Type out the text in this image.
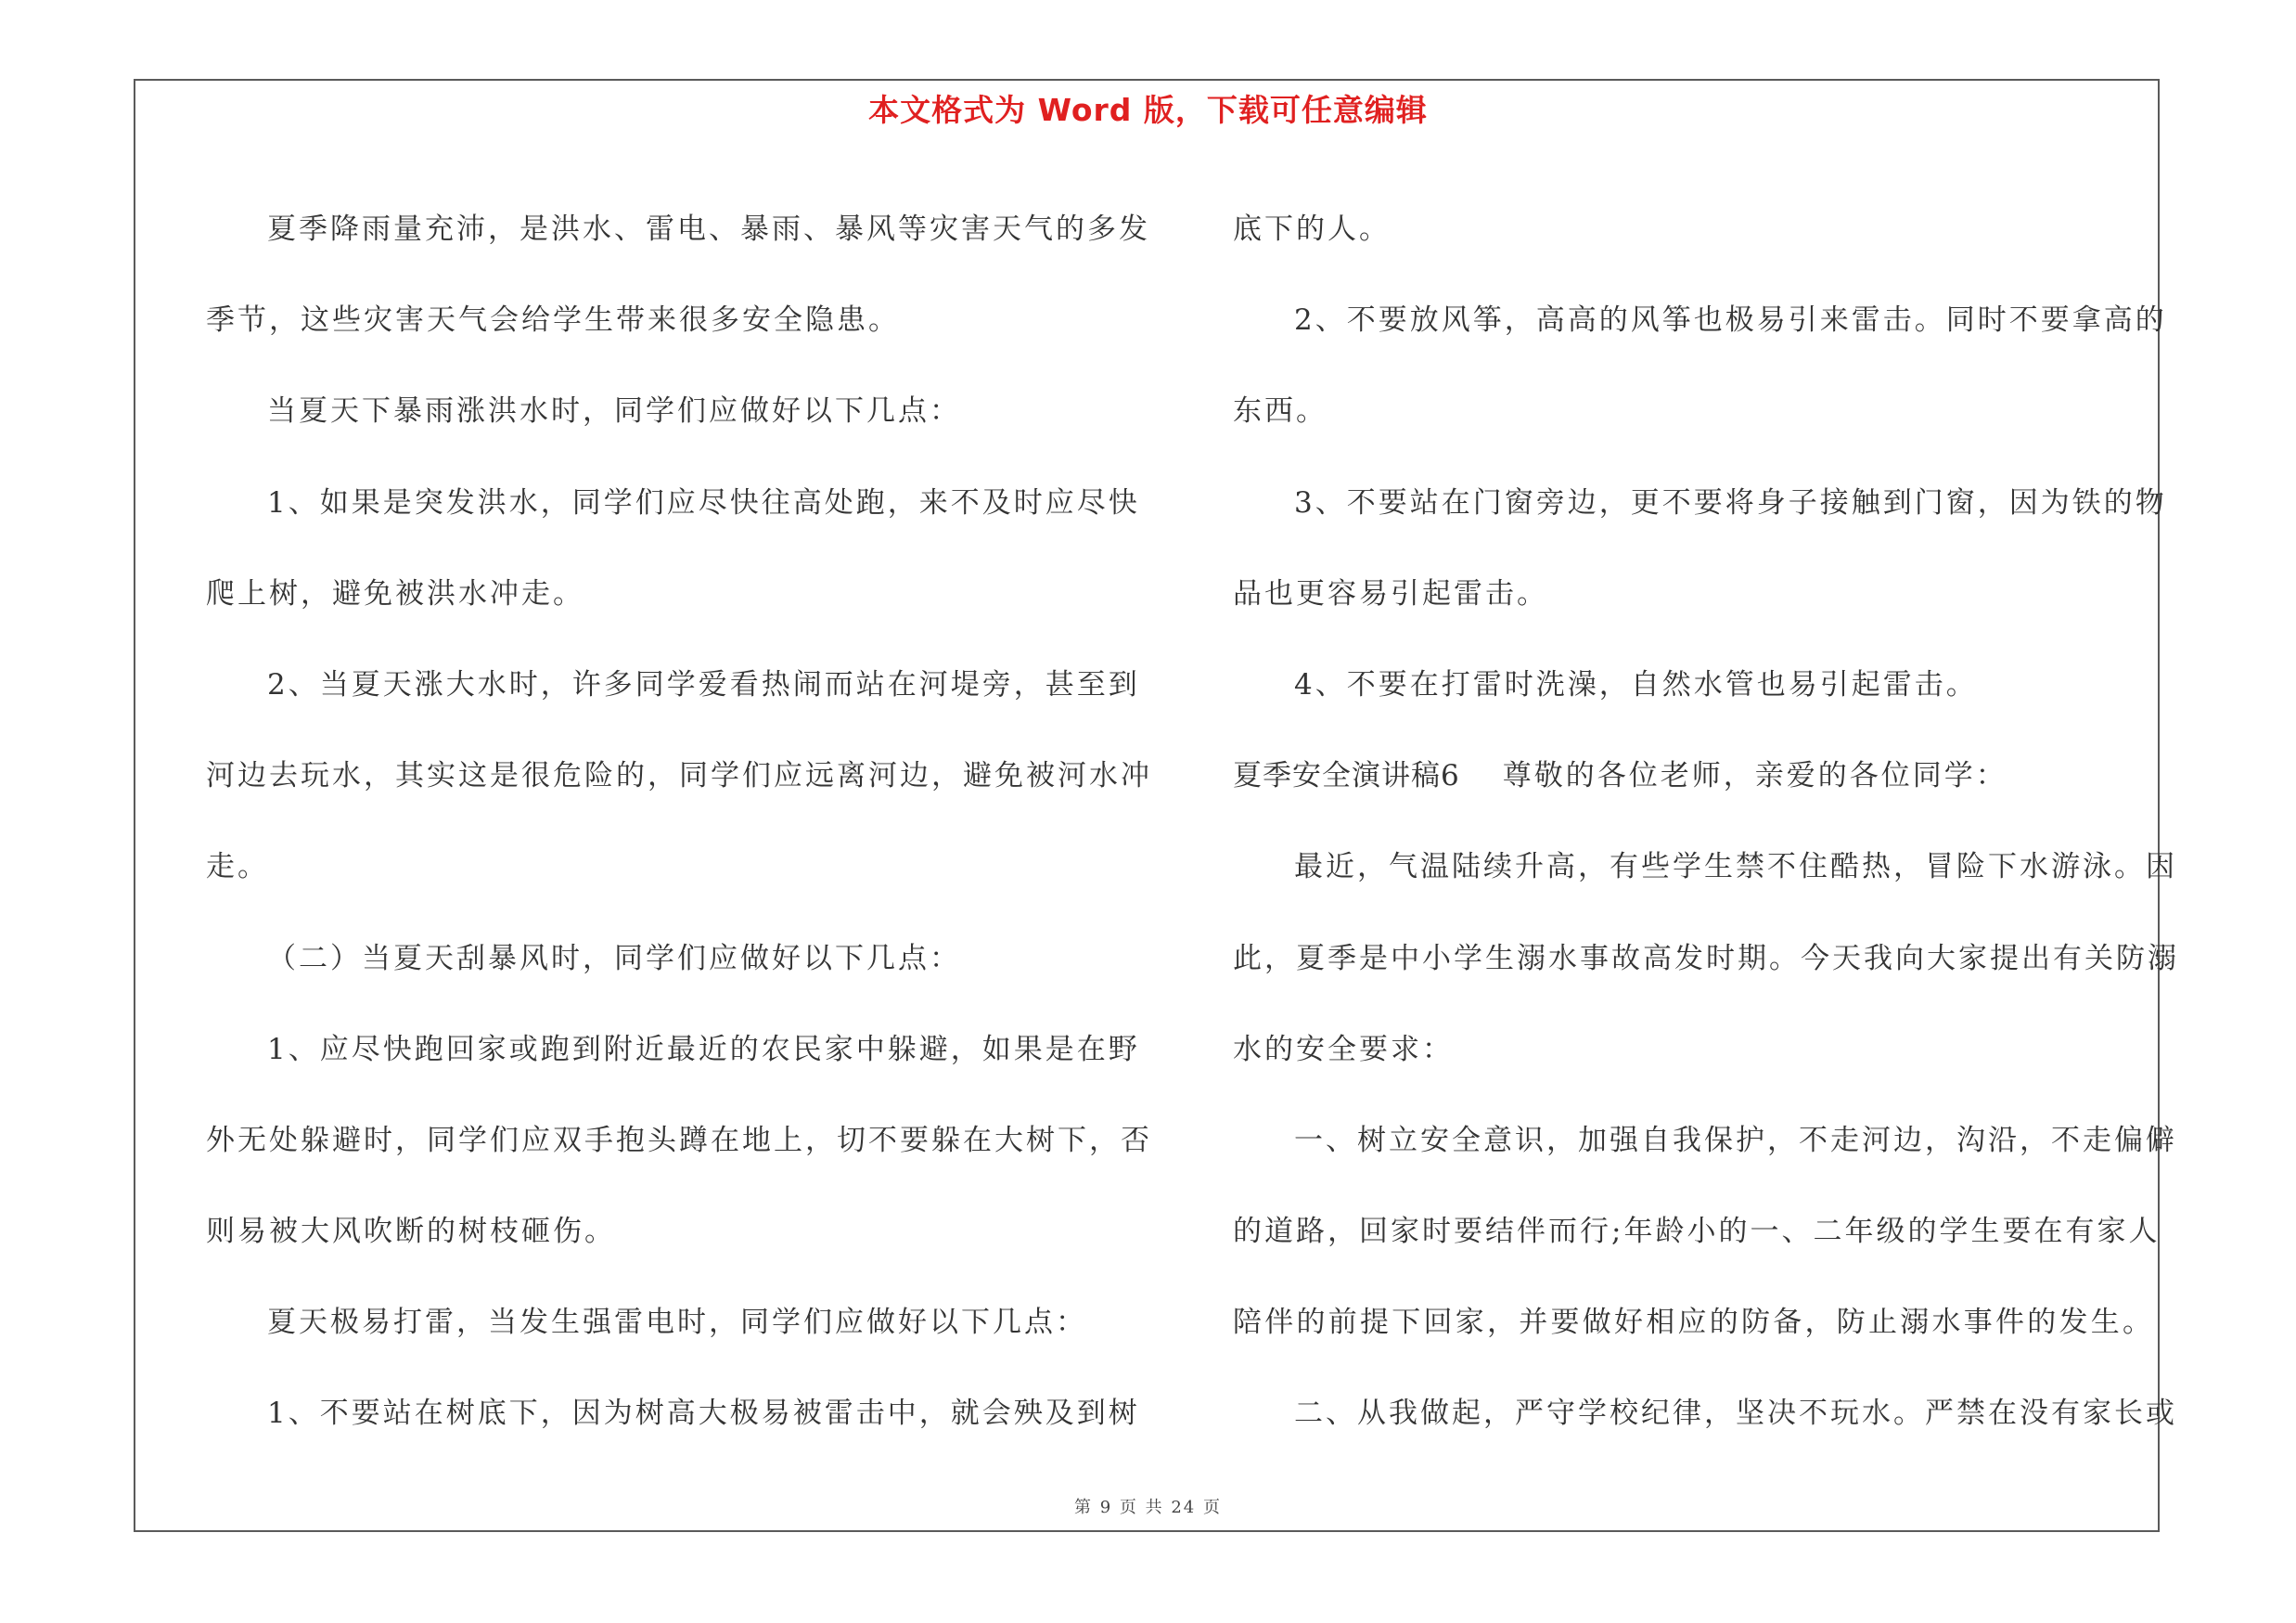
本文格式为 Word 版，下载可任意编辑
夏季降雨量充沛，是洪水、雷电、暴雨、暴风等灾害天气的多发
季节，这些灾害天气会给学生带来很多安全隐患。
当夏天下暴雨涨洪水时，同学们应做好以下几点：
1、如果是突发洪水，同学们应尽快往高处跑，来不及时应尽快
爬上树，避免被洪水冲走。
2、当夏天涨大水时，许多同学爱看热闹而站在河堤旁，甚至到
河边去玩水，其实这是很危险的，同学们应远离河边，避免被河水冲
走。
（二）当夏天刮暴风时，同学们应做好以下几点：
1、应尽快跑回家或跑到附近最近的农民家中躲避，如果是在野
外无处躲避时，同学们应双手抱头蹲在地上，切不要躲在大树下，否
则易被大风吹断的树枝砸伤。
夏天极易打雷，当发生强雷电时，同学们应做好以下几点：
1、不要站在树底下，因为树高大极易被雷击中，就会殃及到树
底下的人。
2、不要放风筝，高高的风筝也极易引来雷击。同时不要拿高的
东西。
3、不要站在门窗旁边，更不要将身子接触到门窗，因为铁的物
品也更容易引起雷击。
4、不要在打雷时洗澡，自然水管也易引起雷击。
夏季安全演讲稿6 尊敬的各位老师，亲爱的各位同学：
最近，气温陆续升高，有些学生禁不住酷热，冒险下水游泳。因
此，夏季是中小学生溺水事故高发时期。今天我向大家提出有关防溺
水的安全要求：
一、树立安全意识，加强自我保护，不走河边，沟沿，不走偏僻
的道路，回家时要结伴而行;年龄小的一、二年级的学生要在有家人
陪伴的前提下回家，并要做好相应的防备，防止溺水事件的发生。
二、从我做起，严守学校纪律，坚决不玩水。严禁在没有家长或
第 9 页 共 24 页
